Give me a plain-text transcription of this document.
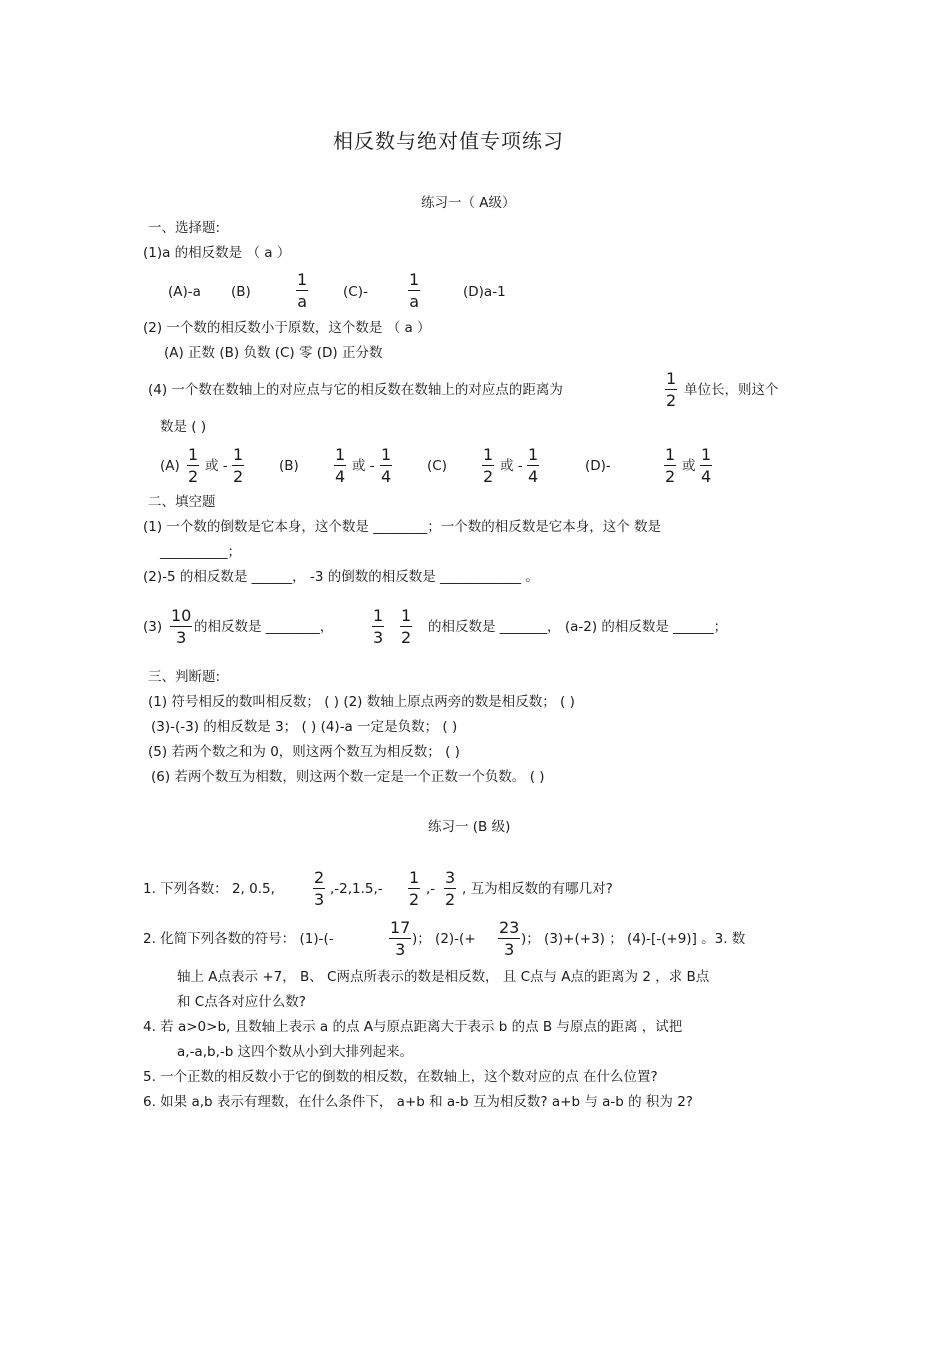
相反数与绝对值专项练习
练习一（ A级）
一、选择题:
(1)a 的相反数是 （ a ）
(A)-a (B)	$\frac{1}{a}$	(C)-	$\frac{1}{a}$	(D)a-1
(2) 一个数的相反数小于原数，这个数是 （ a ）
(A) 正数 (B) 负数 (C) 零 (D) 正分数
(4) 一个数在数轴上的对应点与它的相反数在数轴上的对应点的距离为	$\frac{1}{2}$ 单位长，则这个
数是 ( )
$(A) \frac{1}{2}$ 或 - $\frac{1}{2}$	$(B) \frac{1}{4}$ 或 - $\frac{1}{4}$	$(C) \frac{1}{2}$ 或 - $\frac{1}{4}$	(D)-	$\frac{1}{2}$ 或 $\frac{1}{4}$
二、填空题
(1) 一个数的倒数是它本身，这个数是 ________；一个数的相反数是它本身，这个 数是
__________；
(2)-5 的相反数是 ______， -3 的倒数的相反数是 ____________ 。
$(3) \frac{10}{3}$ 的相反数是 ________， $\frac{1}{3} \frac{1}{2}$ 的相反数是 _______， (a-2) 的相反数是 ______；
三、判断题:
(1) 符号相反的数叫相反数； ( ) (2) 数轴上原点两旁的数是相反数； ( )
(3)-(-3) 的相反数是 3； ( ) (4)-a 一定是负数； ( )
(5) 若两个数之和为 0，则这两个数互为相反数； ( )
(6) 若两个数互为相数，则这两个数一定是一个正数一个负数。 ( )
练习一 (B 级)
1. 下列各数： 2, 0.5, $\frac{2}{3} ,-2,1.5,- \frac{1}{2}$ ,- $\frac{3}{2}$ , 互为相反数的有哪几对?
2. 化简下列各数的符号： (1)-(-	$\frac{17}{3}$ )； $(2)-(+ \frac{23}{3}$ )； (3)+(+3) ； (4)-[-(+9)] 。3. 数
轴上 A点表示 +7， B、 C两点所表示的数是相反数， 且 C点与 A点的距离为 2 ，求 B点
和 C点各对应什么数?
4. 若 a>0>b, 且数轴上表示 a 的点 A与原点距离大于表示 b 的点 B 与原点的距离 ，试把
a,-a,b,-b 这四个数从小到大排列起来。
5. 一个正数的相反数小于它的倒数的相反数，在数轴上，这个数对应的点 在什么位置?
6. 如果 a,b 表示有理数，在什么条件下， a+b 和 a-b 互为相反数? a+b 与 a-b 的 积为 2?
